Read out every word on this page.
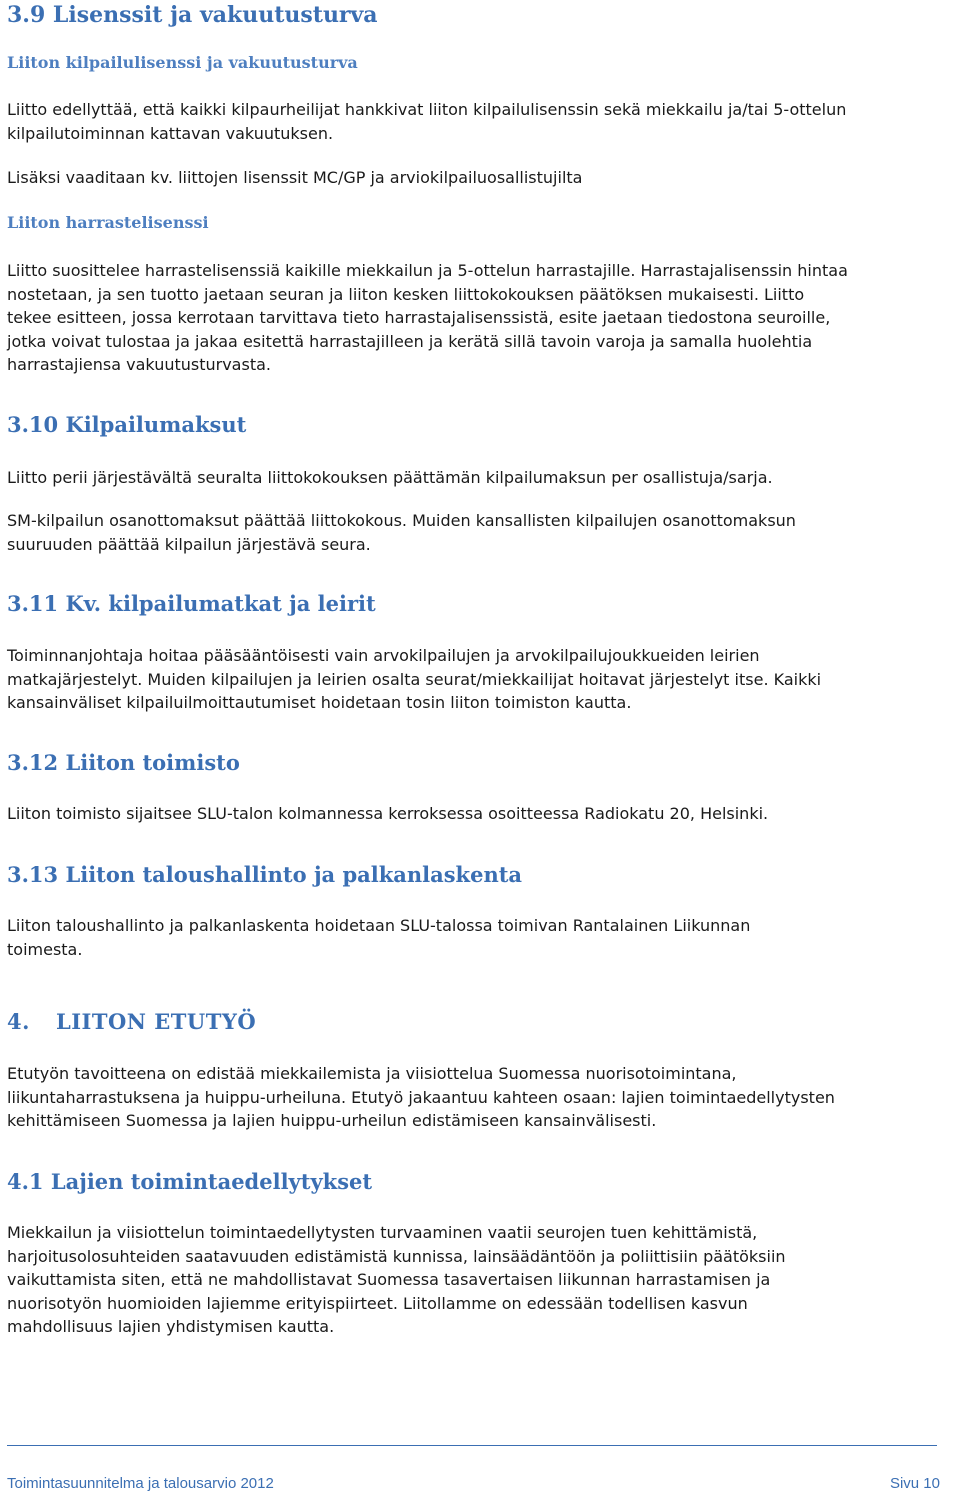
3.9 Lisenssit ja vakuutusturva
Liiton kilpailulisenssi ja vakuutusturva

Liitto edellyttää, että kaikki kilpaurheilijat hankkivat liiton kilpailulisenssin sekä miekkailu ja/tai 5-ottelun
kilpailutoiminnan kattavan vakuutuksen.

Lisäksi vaaditaan kv. liittojen lisenssit MC/GP ja arviokilpailuosallistujilta

Liiton harrastelisenssi

Liitto suosittelee harrastelisenssiä kaikille miekkailun ja 5-ottelun harrastajille. Harrastajalisenssin hintaa
nostetaan, ja sen tuotto jaetaan seuran ja liiton kesken liittokokouksen päätöksen mukaisesti. Liitto
tekee esitteen, jossa kerrotaan tarvittava tieto harrastajalisenssistä, esite jaetaan tiedostona seuroille,
jotka voivat tulostaa ja jakaa esitettä harrastajilleen ja kerätä sillä tavoin varoja ja samalla huolehtia
harrastajiensa vakuutusturvasta.

3.10 Kilpailumaksut

Liitto perii järjestävältä seuralta liittokokouksen päättämän kilpailumaksun per osallistuja/sarja.

SM-kilpailun osanottomaksut päättää liittokokous. Muiden kansallisten kilpailujen osanottomaksun
suuruuden päättää kilpailun järjestävä seura.

3.11 Kv. kilpailumatkat ja leirit

Toiminnanjohtaja hoitaa pääsääntöisesti vain arvokilpailujen ja arvokilpailujoukkueiden leirien
matkajärjestelyt. Muiden kilpailujen ja leirien osalta seurat/miekkailijat hoitavat järjestelyt itse. Kaikki
kansainväliset kilpailuilmoittautumiset hoidetaan tosin liiton toimiston kautta.

3.12 Liiton toimisto

Liiton toimisto sijaitsee SLU-talon kolmannessa kerroksessa osoitteessa Radiokatu 20, Helsinki.

3.13 Liiton taloushallinto ja palkanlaskenta

Liiton taloushallinto ja palkanlaskenta hoidetaan SLU-talossa toimivan Rantalainen Liikunnan
toimesta.

4. LIITON ETUTYÖ

Etutyön tavoitteena on edistää miekkailemista ja viisiottelua Suomessa nuorisotoimintana,
liikuntaharrastuksena ja huippu-urheiluna. Etutyö jakaantuu kahteen osaan: lajien toimintaedellytysten
kehittämiseen Suomessa ja lajien huippu-urheilun edistämiseen kansainvälisesti.

4.1 Lajien toimintaedellytykset

Miekkailun ja viisiottelun toimintaedellytysten turvaaminen vaatii seurojen tuen kehittämistä,
harjoitusolosuhteiden saatavuuden edistämistä kunnissa, lainsäädäntöön ja poliittisiin päätöksiin
vaikuttamista siten, että ne mahdollistavat Suomessa tasavertaisen liikunnan harrastamisen ja
nuorisotyön huomioiden lajiemme erityispiirteet. Liitollamme on edessään todellisen kasvun
mahdollisuus lajien yhdistymisen kautta.

Toimintasuunnitelma ja talousarvio 2012	Sivu 10
